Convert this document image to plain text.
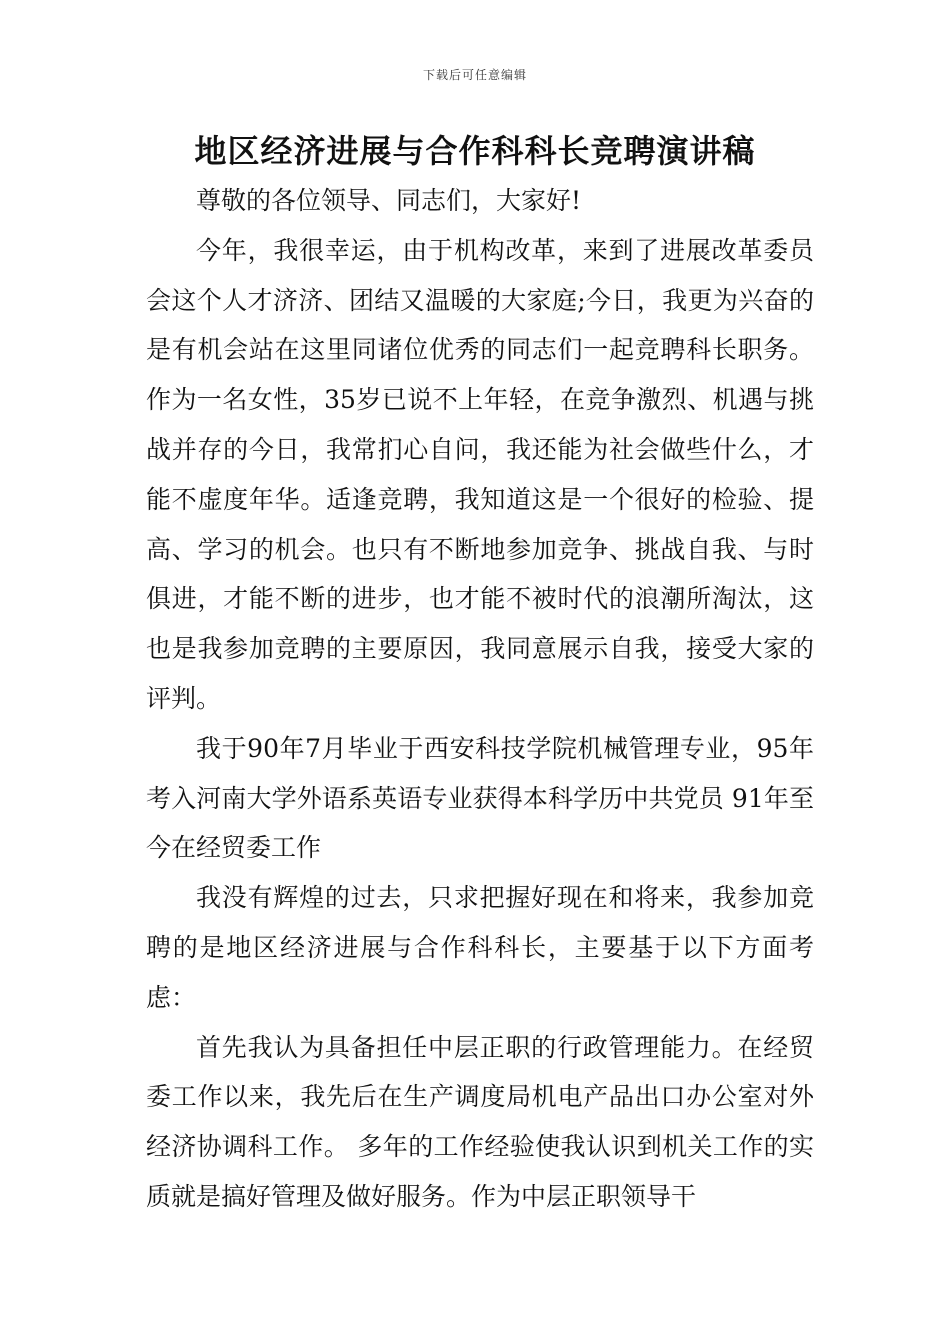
下载后可任意编辑
地区经济进展与合作科科长竞聘演讲稿

尊敬的各位领导、同志们，大家好!

今年，我很幸运，由于机构改革，来到了进展改革委员会这个人才济济、团结又温暖的大家庭;今日，我更为兴奋的是有机会站在这里同诸位优秀的同志们一起竞聘科长职务。作为一名女性，35岁已说不上年轻，在竞争激烈、机遇与挑战并存的今日，我常扪心自问，我还能为社会做些什么，才能不虚度年华。适逢竞聘，我知道这是一个很好的检验、提高、学习的机会。也只有不断地参加竞争、挑战自我、与时俱进，才能不断的进步，也才能不被时代的浪潮所淘汰，这也是我参加竞聘的主要原因，我同意展示自我，接受大家的评判。

我于90年7月毕业于西安科技学院机械管理专业，95年考入河南大学外语系英语专业获得本科学历中共党员 91年至今在经贸委工作

我没有辉煌的过去，只求把握好现在和将来，我参加竞聘的是地区经济进展与合作科科长，主要基于以下方面考虑：

首先我认为具备担任中层正职的行政管理能力。在经贸委工作以来，我先后在生产调度局机电产品出口办公室对外经济协调科工作。 多年的工作经验使我认识到机关工作的实质就是搞好管理及做好服务。作为中层正职领导干
